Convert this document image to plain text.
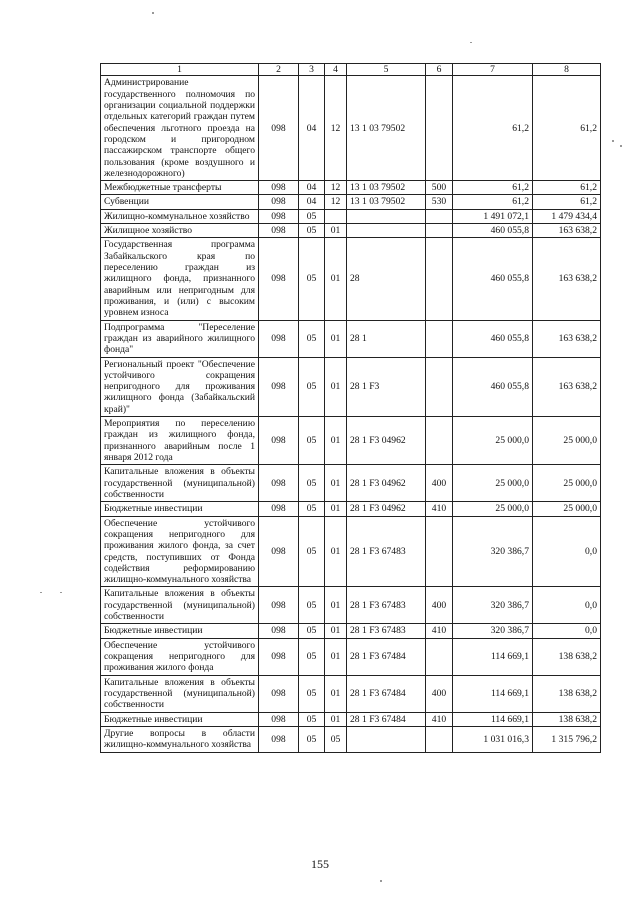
1	2	3	4	5	6	7	8
Администрирование государственного полномочия по организации социальной поддержки отдельных категорий граждан путем обеспечения льготного проезда на городском и пригородном пассажирском транспорте общего пользования (кроме воздушного и железнодорожного)	098	04	12	13 1 03 79502		61,2	61,2
Межбюджетные трансферты	098	04	12	13 1 03 79502	500	61,2	61,2
Субвенции	098	04	12	13 1 03 79502	530	61,2	61,2
Жилищно-коммунальное хозяйство	098	05				1 491 072,1	1 479 434,4
Жилищное хозяйство	098	05	01			460 055,8	163 638,2
Государственная программа Забайкальского края по переселению граждан из жилищного фонда, признанного аварийным или непригодным для проживания, и (или) с высоким уровнем износа	098	05	01	28		460 055,8	163 638,2
Подпрограмма "Переселение граждан из аварийного жилищного фонда"	098	05	01	28 1		460 055,8	163 638,2
Региональный проект "Обеспечение устойчивого сокращения непригодного для проживания жилищного фонда (Забайкальский край)"	098	05	01	28 1 F3		460 055,8	163 638,2
Мероприятия по переселению граждан из жилищного фонда, признанного аварийным после 1 января 2012 года	098	05	01	28 1 F3 04962		25 000,0	25 000,0
Капитальные вложения в объекты государственной (муниципальной) собственности	098	05	01	28 1 F3 04962	400	25 000,0	25 000,0
Бюджетные инвестиции	098	05	01	28 1 F3 04962	410	25 000,0	25 000,0
Обеспечение устойчивого сокращения непригодного для проживания жилого фонда, за счет средств, поступивших от Фонда содействия реформированию жилищно-коммунального хозяйства	098	05	01	28 1 F3 67483		320 386,7	0,0
Капитальные вложения в объекты государственной (муниципальной) собственности	098	05	01	28 1 F3 67483	400	320 386,7	0,0
Бюджетные инвестиции	098	05	01	28 1 F3 67483	410	320 386,7	0,0
Обеспечение устойчивого сокращения непригодного для проживания жилого фонда	098	05	01	28 1 F3 67484		114 669,1	138 638,2
Капитальные вложения в объекты государственной (муниципальной) собственности	098	05	01	28 1 F3 67484	400	114 669,1	138 638,2
Бюджетные инвестиции	098	05	01	28 1 F3 67484	410	114 669,1	138 638,2
Другие вопросы в области жилищно-коммунального хозяйства	098	05	05			1 031 016,3	1 315 796,2
155
